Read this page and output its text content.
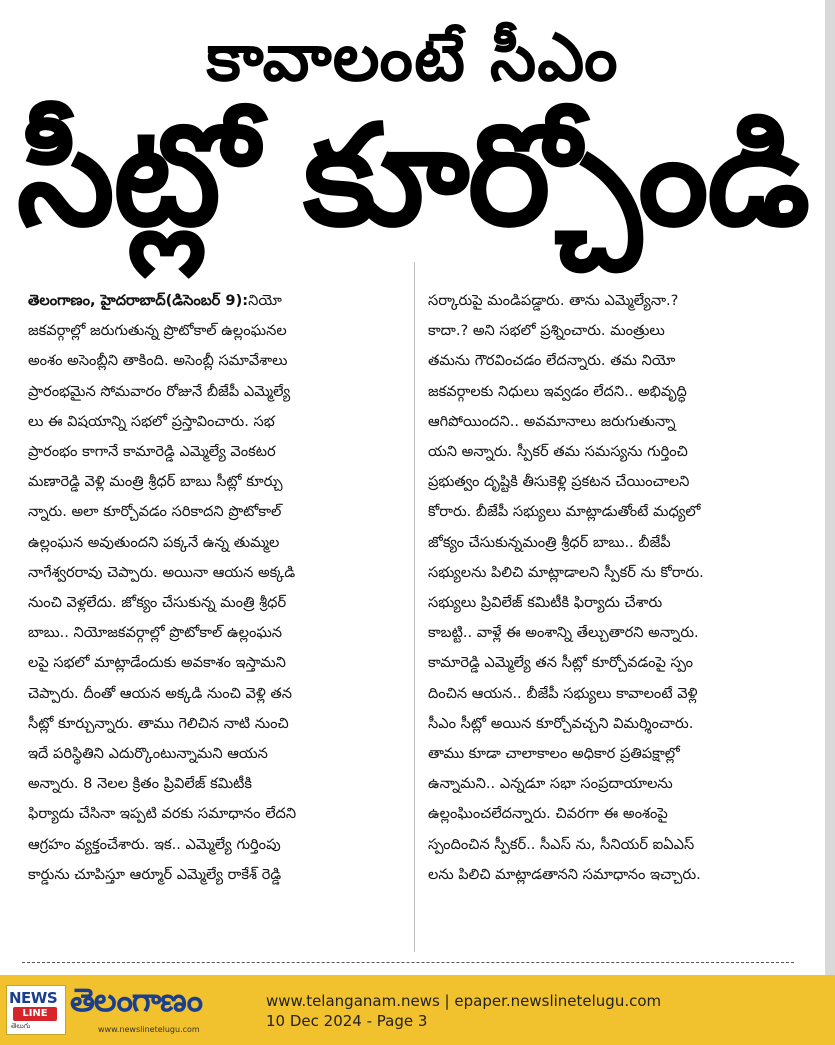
కావాలంటే సీఎం
సీట్లో కూర్చోండి
తెలంగాణం, హైదరాబాద్(డిసెంబర్ 9):నియో
జకవర్గాల్లో జరుగుతున్న ప్రొటోకాల్ ఉల్లంఘనల
అంశం అసెంబ్లీని తాకింది. అసెంబ్లీ సమావేశాలు
ప్రారంభమైన సోమవారం రోజునే బీజేపీ ఎమ్మెల్యే
లు ఈ విషయాన్ని సభలో ప్రస్తావించారు. సభ
ప్రారంభం కాగానే కామారెడ్డి ఎమ్మెల్యే వెంకటర
మణారెడ్డి వెళ్లి మంత్రి శ్రీధర్ బాబు సీట్లో కూర్చు
న్నారు. అలా కూర్చోవడం సరికాదని ప్రొటోకాల్
ఉల్లంఘన అవుతుందని పక్కనే ఉన్న తుమ్మల
నాగేశ్వరరావు చెప్పారు. అయినా ఆయన అక్కడి
నుంచి వెళ్లలేదు. జోక్యం చేసుకున్న మంత్రి శ్రీధర్
బాబు.. నియోజకవర్గాల్లో ప్రొటోకాల్ ఉల్లంఘన
లపై సభలో మాట్లాడేందుకు అవకాశం ఇస్తామని
చెప్పారు. దీంతో ఆయన అక్కడి నుంచి వెళ్లి తన
సీట్లో కూర్చున్నారు. తాము గెలిచిన నాటి నుంచి
ఇదే పరిస్థితిని ఎదుర్కొంటున్నామని ఆయన
అన్నారు. 8 నెలల క్రితం ప్రివిలేజ్ కమిటీకి
ఫిర్యాదు చేసినా ఇప్పటి వరకు సమాధానం లేదని
ఆగ్రహం వ్యక్తంచేశారు. ఇక.. ఎమ్మెల్యే గుర్తింపు
కార్డును చూపిస్తూ ఆర్మూర్ ఎమ్మెల్యే రాకేశ్ రెడ్డి
సర్కారుపై మండిపడ్డారు. తాను ఎమ్మెల్యేనా.?
కాదా.? అని సభలో ప్రశ్నించారు. మంత్రులు
తమను గౌరవించడం లేదన్నారు. తమ నియో
జకవర్గాలకు నిధులు ఇవ్వడం లేదని.. అభివృద్ధి
ఆగిపోయిందని.. అవమానాలు జరుగుతున్నా
యని అన్నారు. స్పీకర్ తమ సమస్యను గుర్తించి
ప్రభుత్వం దృష్టికి తీసుకెళ్లి ప్రకటన చేయించాలని
కోరారు. బీజేపీ సభ్యులు మాట్లాడుతోంటే మధ్యలో
జోక్యం చేసుకున్నమంత్రి శ్రీధర్ బాబు.. బీజేపీ
సభ్యులను పిలిచి మాట్లాడాలని స్పీకర్ ను కోరారు.
సభ్యులు ప్రివిలేజ్ కమిటీకి ఫిర్యాదు చేశారు
కాబట్టి.. వాళ్లే ఈ అంశాన్ని తేల్చుతారని అన్నారు.
కామారెడ్డి ఎమ్మెల్యే తన సీట్లో కూర్చోవడంపై స్పం
దించిన ఆయన.. బీజేపీ సభ్యులు కావాలంటే వెళ్లి
సీఎం సీట్లో అయిన కూర్చోవచ్చని విమర్శించారు.
తాము కూడా చాలాకాలం అధికార ప్రతిపక్షాల్లో
ఉన్నామని.. ఎన్నడూ సభా సంప్రదాయాలను
ఉల్లంఘించలేదన్నారు. చివరగా ఈ అంశంపై
స్పందించిన స్పీకర్.. సీఎస్ ను, సీనియర్ ఐఏఎస్
లను పిలిచి మాట్లాడతానని సమాధానం ఇచ్చారు.
NEWS
LINE
తెలుగు
తెలంగాణం
www.newslinetelugu.com
www.telanganam.news | epaper.newslinetelugu.com
10 Dec 2024 - Page 3
